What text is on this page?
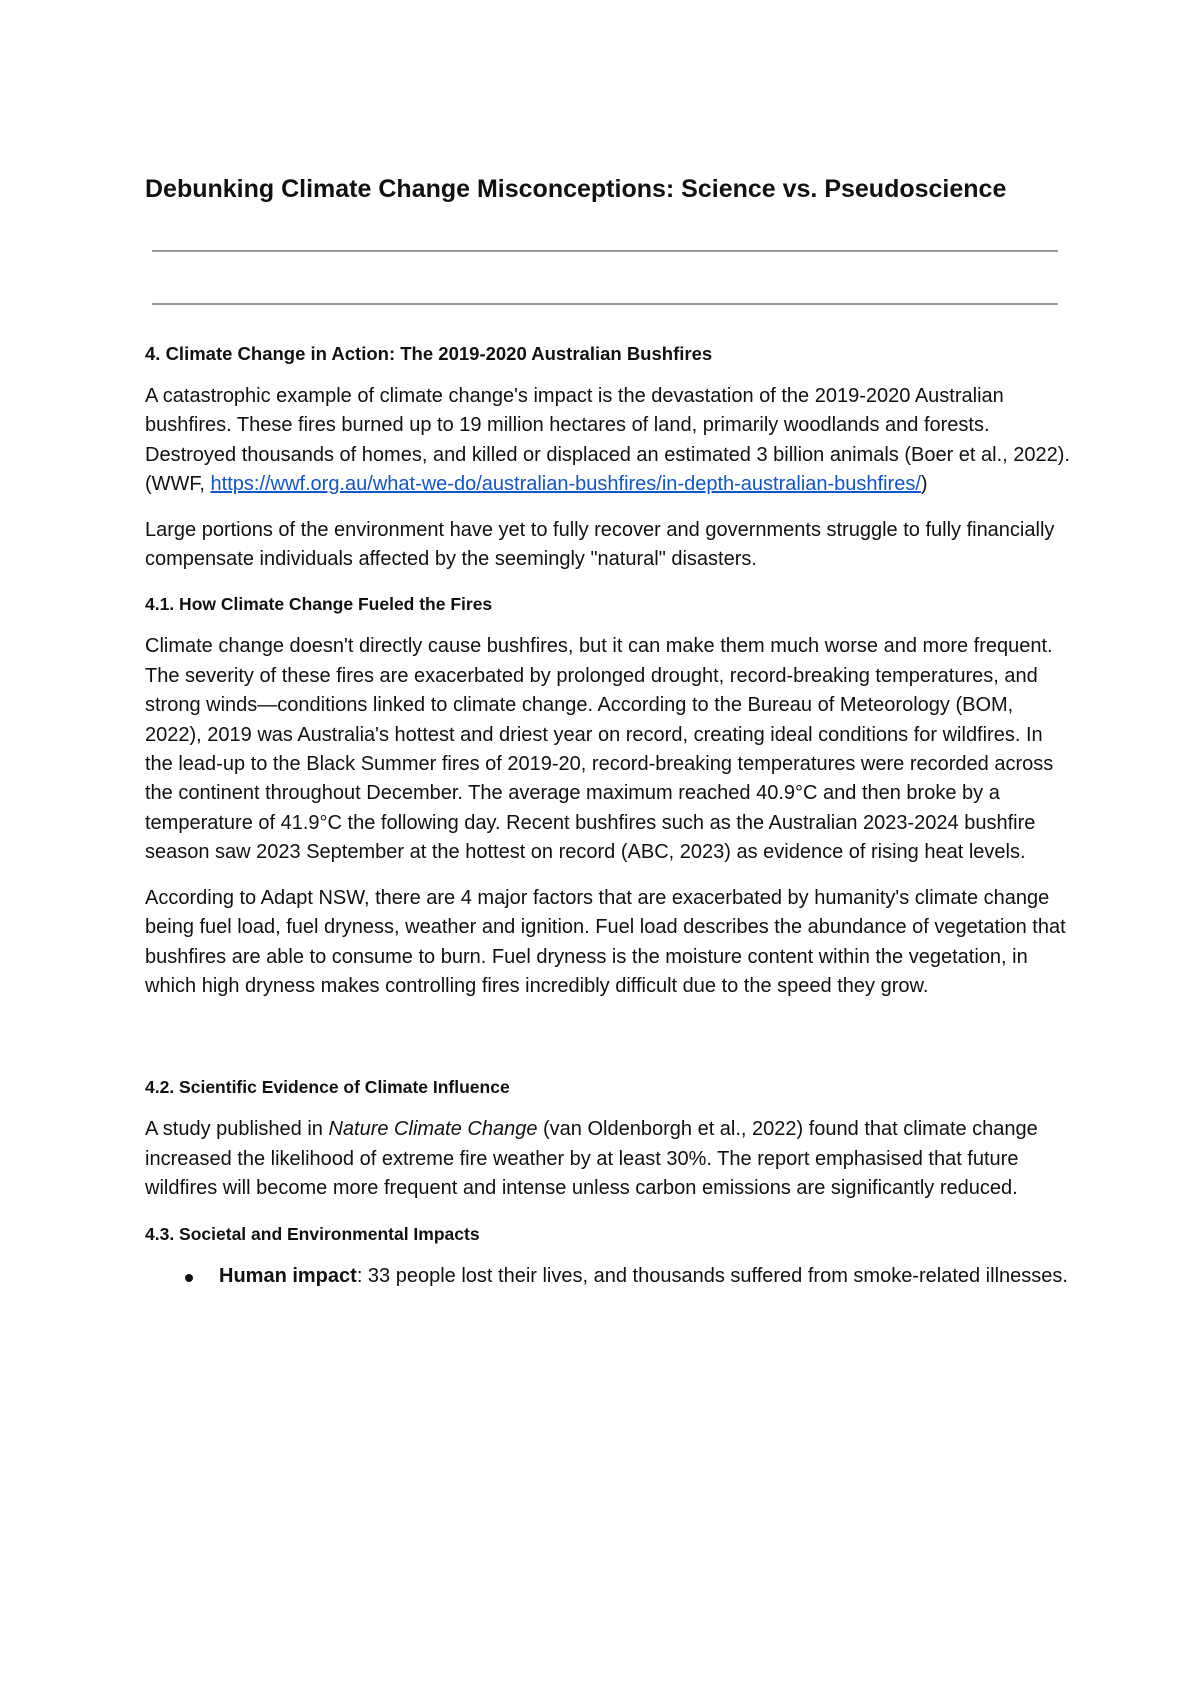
Debunking Climate Change Misconceptions: Science vs. Pseudoscience
4. Climate Change in Action: The 2019-2020 Australian Bushfires

A catastrophic example of climate change's impact is the devastation of the 2019-2020 Australian bushfires. These fires burned up to 19 million hectares of land, primarily woodlands and forests. Destroyed thousands of homes, and killed or displaced an estimated 3 billion animals (Boer et al., 2022).(WWF, https://wwf.org.au/what-we-do/australian-bushfires/in-depth-australian-bushfires/)

Large portions of the environment have yet to fully recover and governments struggle to fully financially compensate individuals affected by the seemingly "natural" disasters.

4.1. How Climate Change Fueled the Fires

Climate change doesn't directly cause bushfires, but it can make them much worse and more frequent. The severity of these fires are exacerbated by prolonged drought, record-breaking temperatures, and strong winds—conditions linked to climate change. According to the Bureau of Meteorology (BOM, 2022), 2019 was Australia's hottest and driest year on record, creating ideal conditions for wildfires. In the lead-up to the Black Summer fires of 2019-20, record-breaking temperatures were recorded across the continent throughout December. The average maximum reached 40.9°C and then broke by a temperature of 41.9°C the following day. Recent bushfires such as the Australian 2023-2024 bushfire season saw 2023 September at the hottest on record (ABC, 2023) as evidence of rising heat levels.

According to Adapt NSW, there are 4 major factors that are exacerbated by humanity's climate change being fuel load, fuel dryness, weather and ignition. Fuel load describes the abundance of vegetation that bushfires are able to consume to burn. Fuel dryness is the moisture content within the vegetation, in which high dryness makes controlling fires incredibly difficult due to the speed they grow.

4.2. Scientific Evidence of Climate Influence

A study published in Nature Climate Change (van Oldenborgh et al., 2022) found that climate change increased the likelihood of extreme fire weather by at least 30%. The report emphasised that future wildfires will become more frequent and intense unless carbon emissions are significantly reduced.

4.3. Societal and Environmental Impacts
Human impact: 33 people lost their lives, and thousands suffered from smoke-related illnesses.
